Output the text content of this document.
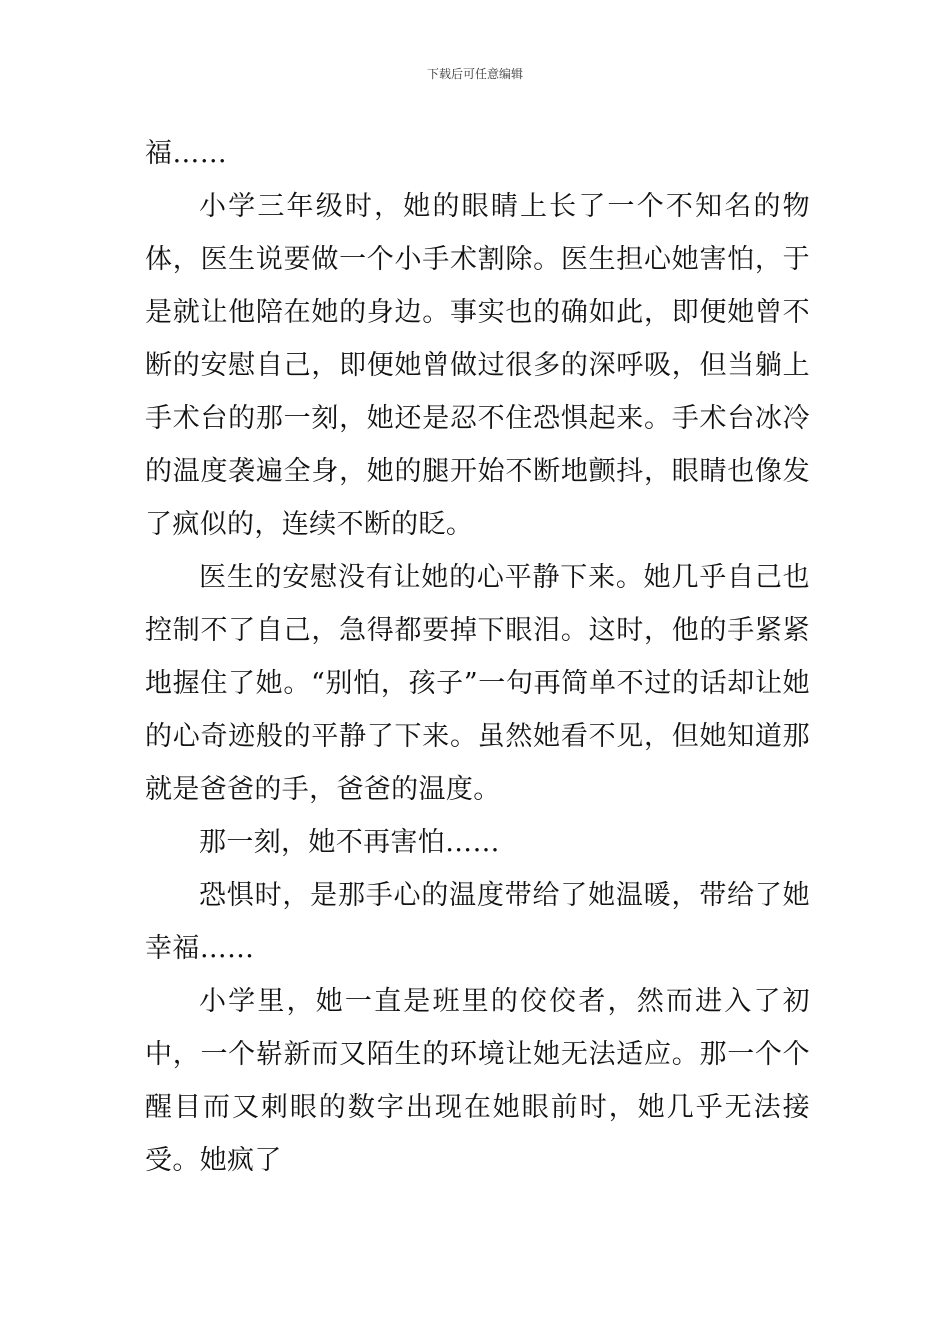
下载后可任意编辑

福……

小学三年级时，她的眼睛上长了一个不知名的物体，医生说要做一个小手术割除。医生担心她害怕，于是就让他陪在她的身边。事实也的确如此，即便她曾不断的安慰自己，即便她曾做过很多的深呼吸，但当躺上手术台的那一刻，她还是忍不住恐惧起来。手术台冰冷的温度袭遍全身，她的腿开始不断地颤抖，眼睛也像发了疯似的，连续不断的眨。

医生的安慰没有让她的心平静下来。她几乎自己也控制不了自己，急得都要掉下眼泪。这时，他的手紧紧地握住了她。“别怕，孩子”一句再简单不过的话却让她的心奇迹般的平静了下来。虽然她看不见，但她知道那就是爸爸的手，爸爸的温度。

那一刻，她不再害怕……

恐惧时，是那手心的温度带给了她温暖，带给了她幸福……

小学里，她一直是班里的佼佼者，然而进入了初中，一个崭新而又陌生的环境让她无法适应。那一个个醒目而又刺眼的数字出现在她眼前时，她几乎无法接受。她疯了
